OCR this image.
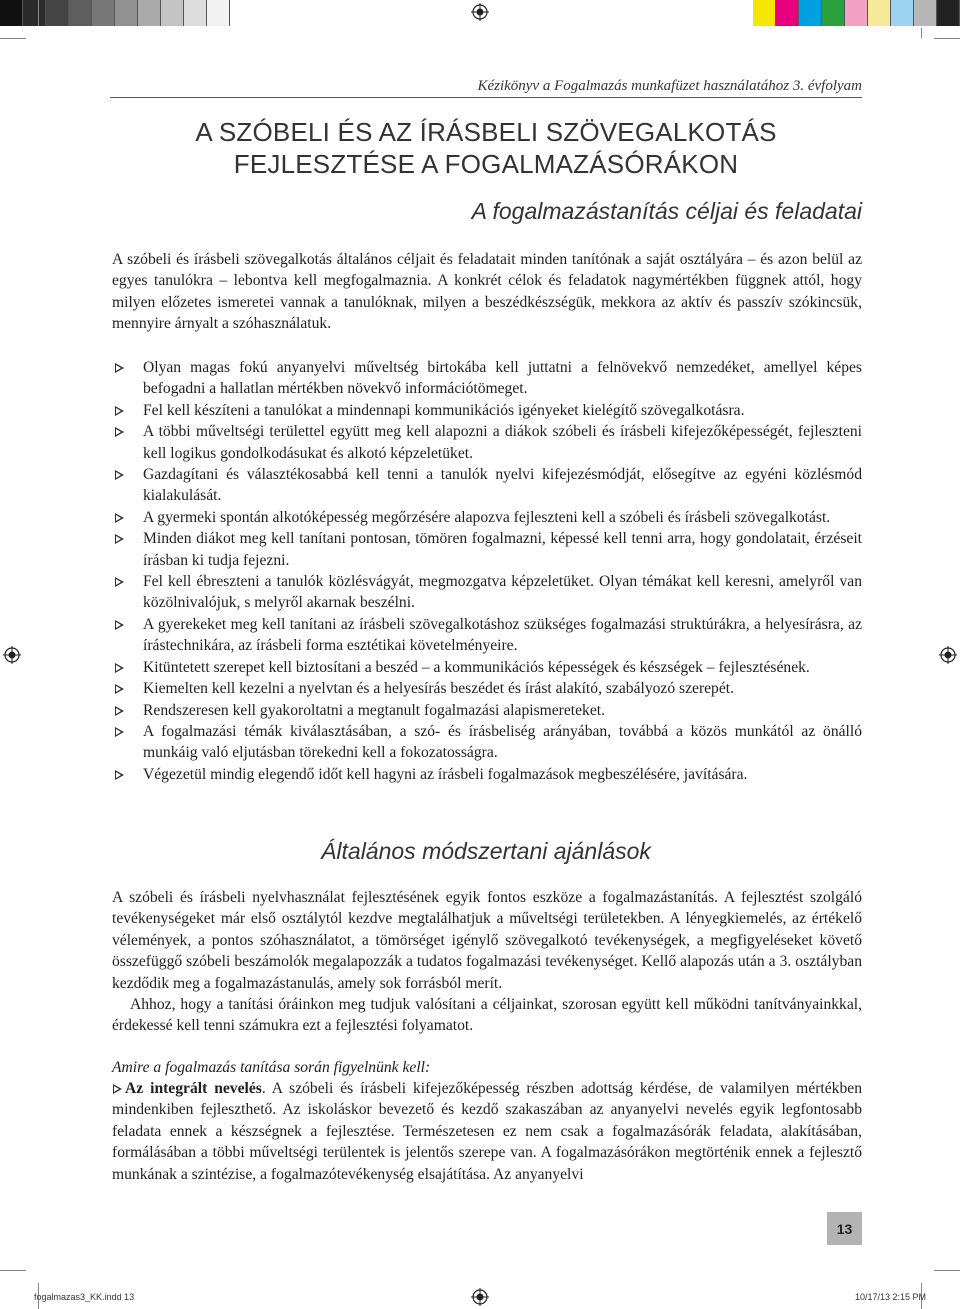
Kézikönyv a Fogalmazás munkafüzet használatához 3. évfolyam
A SZÓBELI ÉS AZ ÍRÁSBELI SZÖVEGALKOTÁS
FEJLESZTÉSE A FOGALMAZÁSÓRÁKON
A fogalmazástanítás céljai és feladatai
A szóbeli és írásbeli szövegalkotás általános céljait és feladatait minden tanítónak a saját osztályára – és azon belül az egyes tanulókra – lebontva kell megfogalmaznia. A konkrét célok és feladatok nagymértékben függnek attól, hogy milyen előzetes ismeretei vannak a tanulóknak, milyen a beszédkészségük, mekkora az aktív és passzív szókincsük, mennyire árnyalt a szóhasználatuk.
Olyan magas fokú anyanyelvi műveltség birtokába kell juttatni a felnövekvő nemzedéket, amellyel képes befogadni a hallatlan mértékben növekvő információtömeget.
Fel kell készíteni a tanulókat a mindennapi kommunikációs igényeket kielégítő szövegalkotásra.
A többi műveltségi területtel együtt meg kell alapozni a diákok szóbeli és írásbeli kifejezőképességét, fejleszteni kell logikus gondolkodásukat és alkotó képzeletüket.
Gazdagítani és választékosabbá kell tenni a tanulók nyelvi kifejezésmódját, elősegítve az egyéni közlésmód kialakulását.
A gyermeki spontán alkotóképesség megőrzésére alapozva fejleszteni kell a szóbeli és írásbeli szövegalkotást.
Minden diákot meg kell tanítani pontosan, tömören fogalmazni, képessé kell tenni arra, hogy gondolatait, érzéseit írásban ki tudja fejezni.
Fel kell ébreszteni a tanulók közlésvágyát, megmozgatva képzeletüket. Olyan témákat kell keresni, amelyről van közölnivalójuk, s melyről akarnak beszélni.
A gyerekeket meg kell tanítani az írásbeli szövegalkotáshoz szükséges fogalmazási struktúrákra, a helyesírásra, az írástechnikára, az írásbeli forma esztétikai követelményeire.
Kitüntetett szerepet kell biztosítani a beszéd – a kommunikációs képességek és készségek – fejlesztésének.
Kiemelten kell kezelni a nyelvtan és a helyesírás beszédet és írást alakító, szabályozó szerepét.
Rendszeresen kell gyakoroltatni a megtanult fogalmazási alapismereteket.
A fogalmazási témák kiválasztásában, a szó- és írásbeliség arányában, továbbá a közös munkától az önálló munkáig való eljutásban törekedni kell a fokozatosságra.
Végezetül mindig elegendő időt kell hagyni az írásbeli fogalmazások megbeszélésére, javítására.
Általános módszertani ajánlások
A szóbeli és írásbeli nyelvhasználat fejlesztésének egyik fontos eszköze a fogalmazástanítás. A fejlesztést szolgáló tevékenységeket már első osztálytól kezdve megtalálhatjuk a műveltségi területekben. A lényegkiemelés, az értékelő vélemények, a pontos szóhasználatot, a tömörséget igénylő szövegalkotó tevékenységek, a megfigyeléseket követő összefüggő szóbeli beszámolók megalapozzák a tudatos fogalmazási tevékenységet. Kellő alapozás után a 3. osztályban kezdődik meg a fogalmazástanulás, amely sok forrásból merít.
Ahhoz, hogy a tanítási óráinkon meg tudjuk valósítani a céljainkat, szorosan együtt kell működni tanítványainkkal, érdekessé kell tenni számukra ezt a fejlesztési folyamatot.
Amire a fogalmazás tanítása során figyelnünk kell:
Az integrált nevelés. A szóbeli és írásbeli kifejezőképesség részben adottság kérdése, de valamilyen mértékben mindenkiben fejleszthető. Az iskoláskor bevezető és kezdő szakaszában az anyanyelvi nevelés egyik legfontosabb feladata ennek a készségnek a fejlesztése. Természetesen ez nem csak a fogalmazásórák feladata, alakításában, formálásában a többi műveltségi terülentek is jelentős szerepe van. A fogalmazásórákon megtörténik ennek a fejlesztő munkának a szintézise, a fogalmazótevékenység elsajátítása. Az anyanyelvi
13
fogalmazas3_KK.indd 13	10/17/13 2:15 PM
